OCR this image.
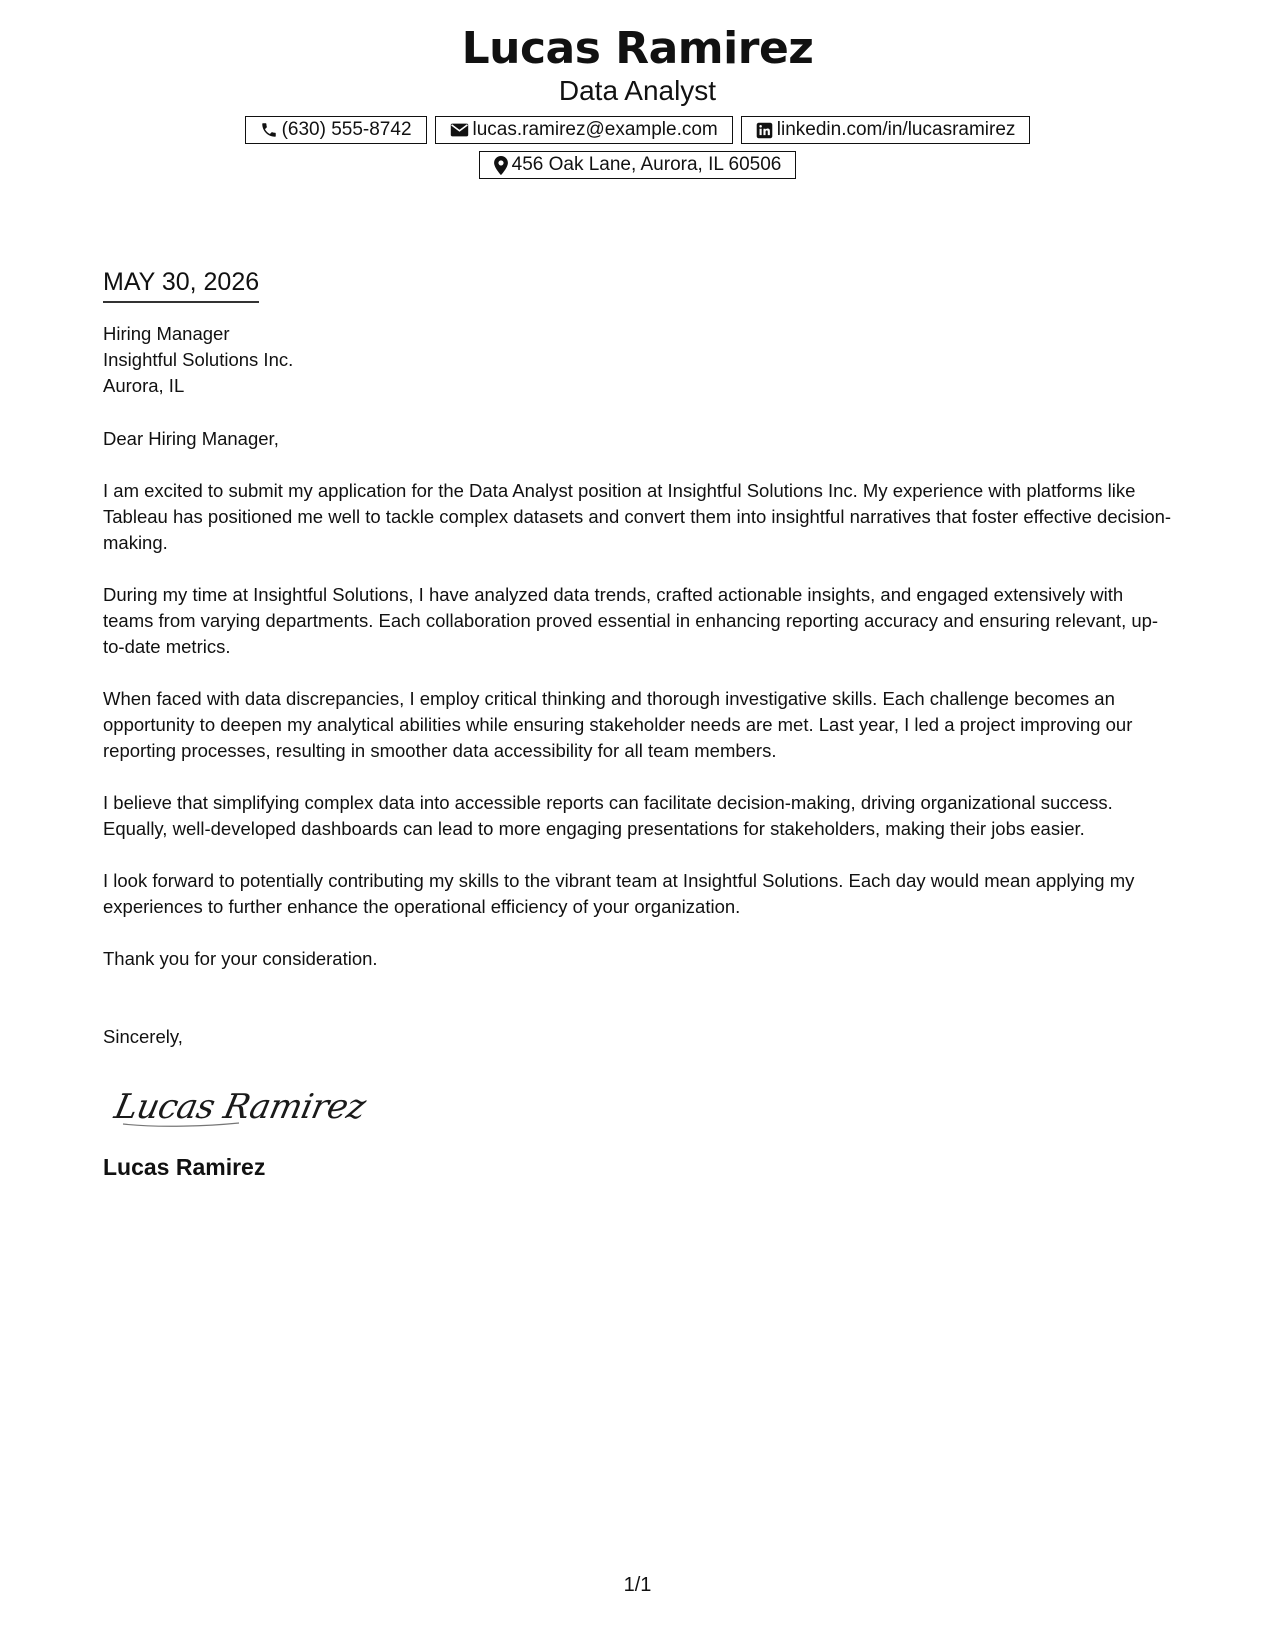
Lucas Ramirez
Data Analyst
(630) 555-8742	lucas.ramirez@example.com	linkedin.com/in/lucasramirez
456 Oak Lane, Aurora, IL 60506
MAY 30, 2026
Hiring Manager
Insightful Solutions Inc.
Aurora, IL
Dear Hiring Manager,
I am excited to submit my application for the Data Analyst position at Insightful Solutions Inc. My experience with platforms like Tableau has positioned me well to tackle complex datasets and convert them into insightful narratives that foster effective decision-making.
During my time at Insightful Solutions, I have analyzed data trends, crafted actionable insights, and engaged extensively with teams from varying departments. Each collaboration proved essential in enhancing reporting accuracy and ensuring relevant, up-to-date metrics.
When faced with data discrepancies, I employ critical thinking and thorough investigative skills. Each challenge becomes an opportunity to deepen my analytical abilities while ensuring stakeholder needs are met. Last year, I led a project improving our reporting processes, resulting in smoother data accessibility for all team members.
I believe that simplifying complex data into accessible reports can facilitate decision-making, driving organizational success. Equally, well-developed dashboards can lead to more engaging presentations for stakeholders, making their jobs easier.
I look forward to potentially contributing my skills to the vibrant team at Insightful Solutions. Each day would mean applying my experiences to further enhance the operational efficiency of your organization.
Thank you for your consideration.
Sincerely,
Lucas Ramirez
Lucas Ramirez
1/1
